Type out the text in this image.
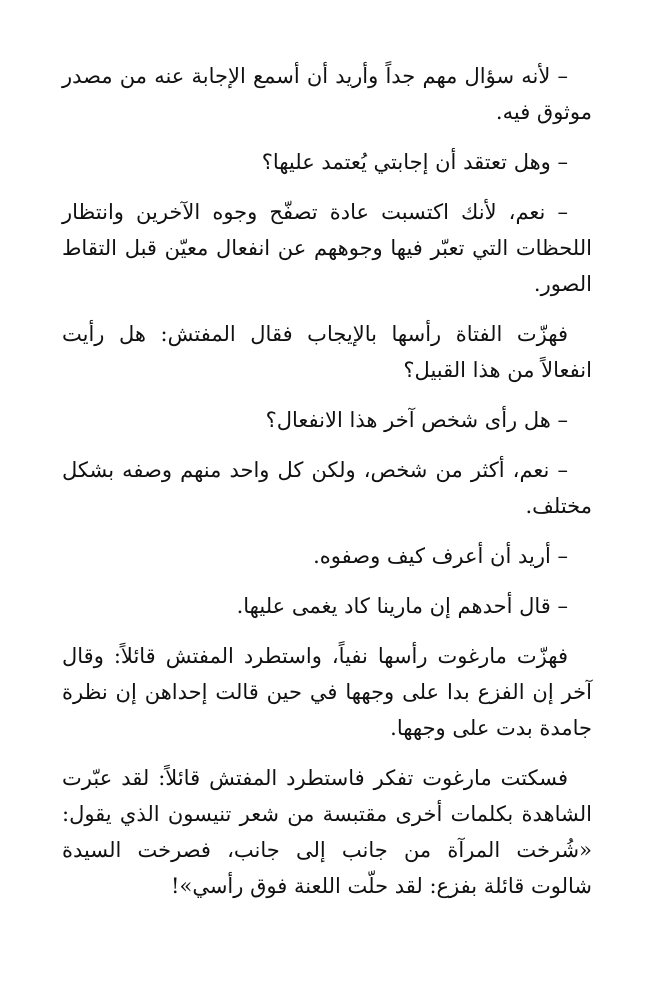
– لأنه سؤال مهم جداً وأريد أن أسمع الإجابة عنه من مصدر موثوق فيه.

– وهل تعتقد أن إجابتي يُعتمد عليها؟

– نعم، لأنك اكتسبت عادة تصفّح وجوه الآخرين وانتظار اللحظات التي تعبّر فيها وجوههم عن انفعال معيّن قبل التقاط الصور.

فهزّت الفتاة رأسها بالإيجاب فقال المفتش: هل رأيت انفعالاً من هذا القبيل؟

– هل رأى شخص آخر هذا الانفعال؟

– نعم، أكثر من شخص، ولكن كل واحد منهم وصفه بشكل مختلف.

– أريد أن أعرف كيف وصفوه.

– قال أحدهم إن مارينا كاد يغمى عليها.

فهزّت مارغوت رأسها نفياً، واستطرد المفتش قائلاً: وقال آخر إن الفزع بدا على وجهها في حين قالت إحداهن إن نظرة جامدة بدت على وجهها.

فسكتت مارغوت تفكر فاستطرد المفتش قائلاً: لقد عبّرت الشاهدة بكلمات أخرى مقتبسة من شعر تنيسون الذي يقول: «شُرخت المرآة من جانب إلى جانب، فصرخت السيدة شالوت قائلة بفزع: لقد حلّت اللعنة فوق رأسي»!
